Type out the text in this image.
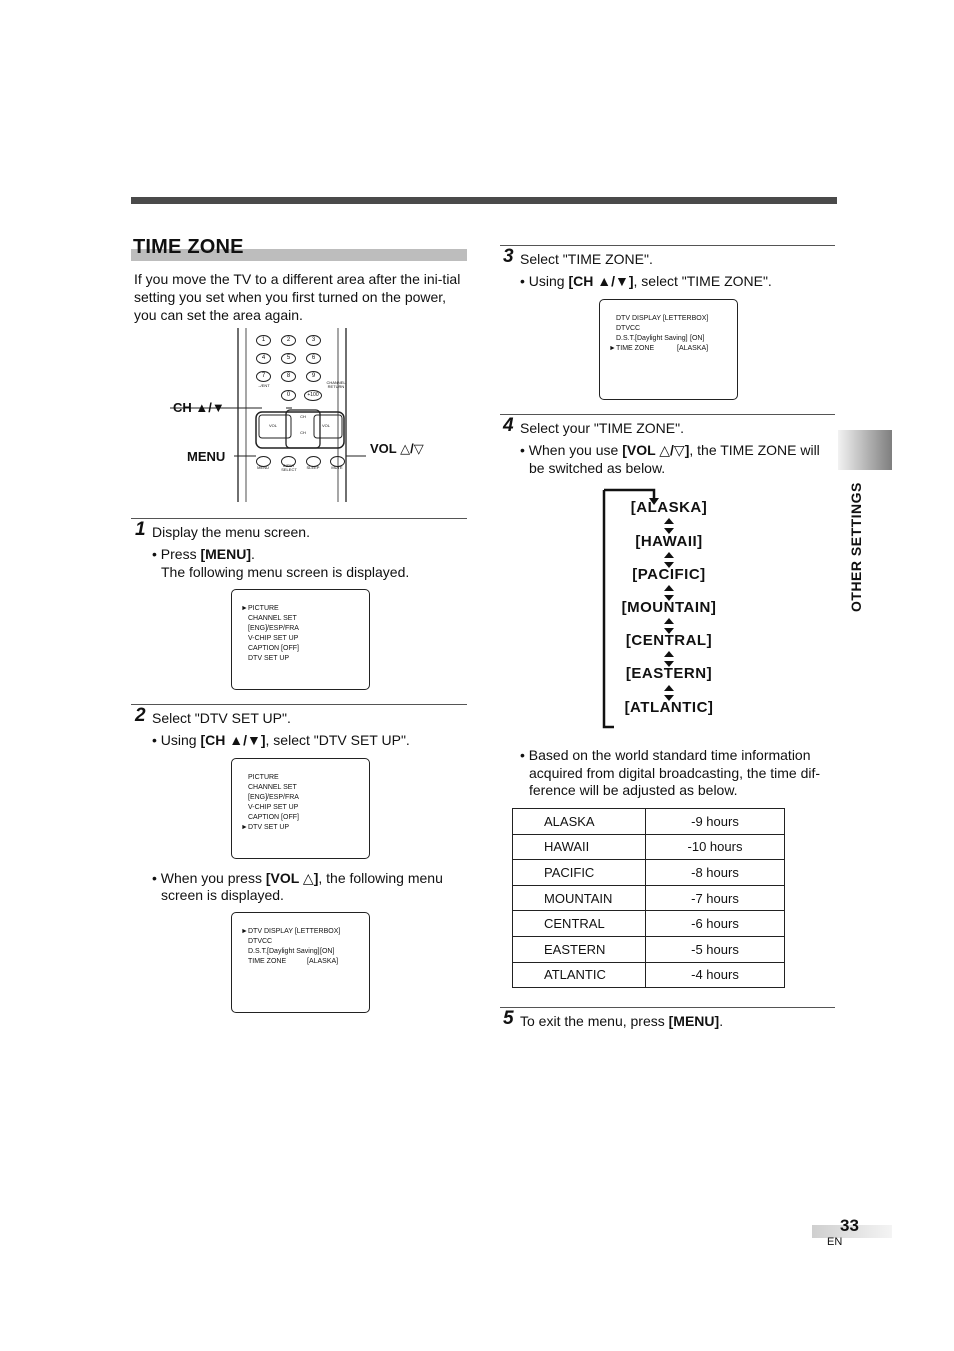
TIME ZONE
If you move the TV to a different area after the ini-tial setting you set when you first turned on the power, you can set the area again.
1	2	3
4	5	6
7	8	9
–/ENT
CHANNEL RETURN
0	+100
VOL	VOL
CH
CH
MENU	INPUT SELECT	SLEEP	MUTE
CH ▲/▼
MENU
VOL △/▽
1 Display the menu screen.
• Press [MENU].
The following menu screen is displayed.
► PICTURE
CHANNEL SET
[ENG]/ESP/FRA
V-CHIP SET UP
CAPTION [OFF]
DTV SET UP
2 Select "DTV SET UP".
• Using [CH ▲/▼], select "DTV SET UP".
PICTURE
CHANNEL SET
[ENG]/ESP/FRA
V-CHIP SET UP
CAPTION [OFF]
► DTV SET UP
• When you press [VOL △], the following menu
screen is displayed.
► DTV DISPLAY [LETTERBOX]
DTVCC
D.S.T.[Daylight Saving] [ON]
TIME ZONE	[ALASKA]
3 Select "TIME ZONE".
• Using [CH ▲/▼], select "TIME ZONE".
DTV DISPLAY [LETTERBOX]
DTVCC
D.S.T.[Daylight Saving] [ON]
► TIME ZONE	[ALASKA]
4 Select your "TIME ZONE".
• When you use [VOL △/▽], the TIME ZONE will
be switched as below.
[ALASKA]
[HAWAII]
[PACIFIC]
[MOUNTAIN]
[CENTRAL]
[EASTERN]
[ATLANTIC]
• Based on the world standard time information
acquired from digital broadcasting, the time dif-
ference will be adjusted as below.
ALASKA	-9 hours
HAWAII	-10 hours
PACIFIC	-8 hours
MOUNTAIN	-7 hours
CENTRAL	-6 hours
EASTERN	-5 hours
ATLANTIC	-4 hours
5 To exit the menu, press [MENU].
OTHER SETTINGS
33
EN
